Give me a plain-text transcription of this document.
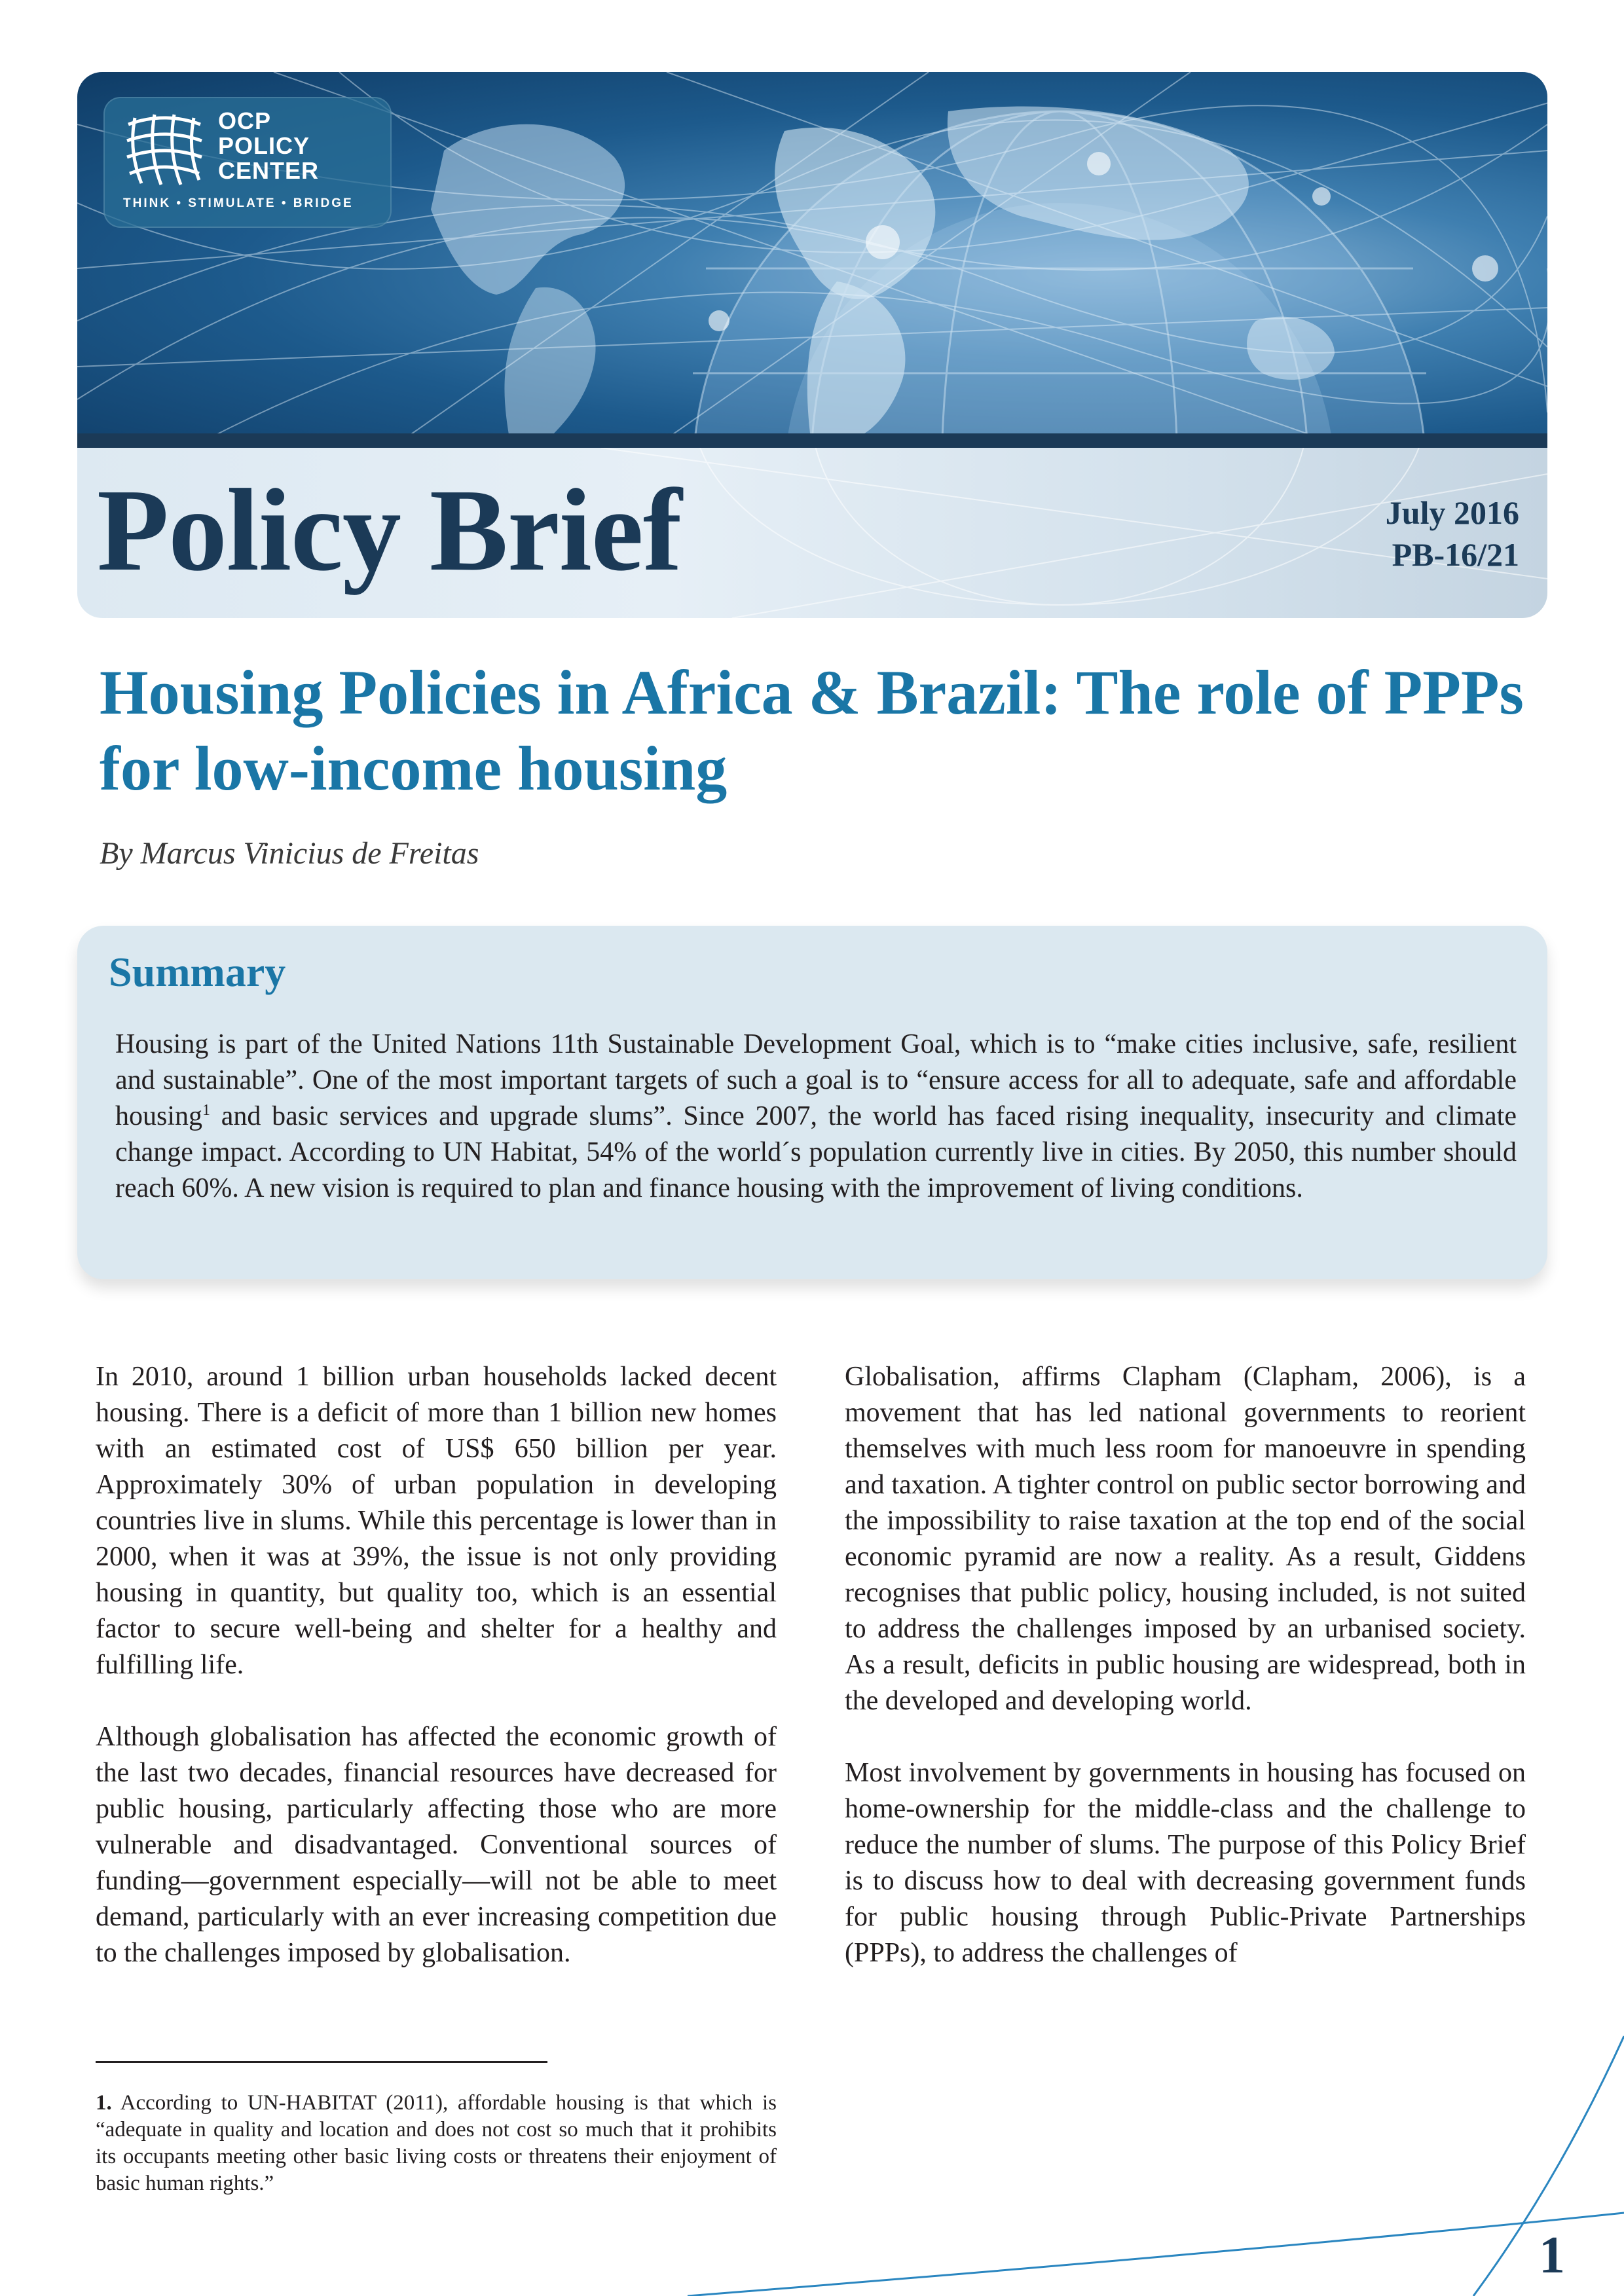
OCP
POLICY
CENTER
THINK • STIMULATE • BRIDGE
Policy Brief	July 2016
PB-16/21
Housing Policies in Africa & Brazil: The role of PPPs for low-income housing
By Marcus Vinicius de Freitas
Summary

Housing is part of the United Nations 11th Sustainable Development Goal, which is to “make cities inclusive, safe, resilient and sustainable”. One of the most important targets of such a goal is to “ensure access for all to adequate, safe and affordable housing$^1$ and basic services and upgrade slums”. Since 2007, the world has faced rising inequality, insecurity and climate change impact. According to UN Habitat, 54% of the world´s population currently live in cities. By 2050, this number should reach 60%. A new vision is required to plan and finance housing with the improvement of living conditions.

In 2010, around 1 billion urban households lacked decent housing. There is a deficit of more than 1 billion new homes with an estimated cost of US$ 650 billion per year. Approximately 30% of urban population in developing countries live in slums. While this percentage is lower than in 2000, when it was at 39%, the issue is not only providing housing in quantity, but quality too, which is an essential factor to secure well-being and shelter for a healthy and fulfilling life.

Although globalisation has affected the economic growth of the last two decades, financial resources have decreased for public housing, particularly affecting those who are more vulnerable and disadvantaged. Conventional sources of funding—government especially—will not be able to meet demand, particularly with an ever increasing competition due to the challenges imposed by globalisation.

Globalisation, affirms Clapham (Clapham, 2006), is a movement that has led national governments to reorient themselves with much less room for manoeuvre in spending and taxation. A tighter control on public sector borrowing and the impossibility to raise taxation at the top end of the social economic pyramid are now a reality. As a result, Giddens recognises that public policy, housing included, is not suited to address the challenges imposed by an urbanised society. As a result, deficits in public housing are widespread, both in the developed and developing world.

Most involvement by governments in housing has focused on home-ownership for the middle-class and the challenge to reduce the number of slums. The purpose of this Policy Brief is to discuss how to deal with decreasing government funds for public housing through Public-Private Partnerships (PPPs), to address the challenges of

1. According to UN-HABITAT (2011), affordable housing is that which is “adequate in quality and location and does not cost so much that it prohibits its occupants meeting other basic living costs or threatens their enjoyment of basic human rights.”

1
